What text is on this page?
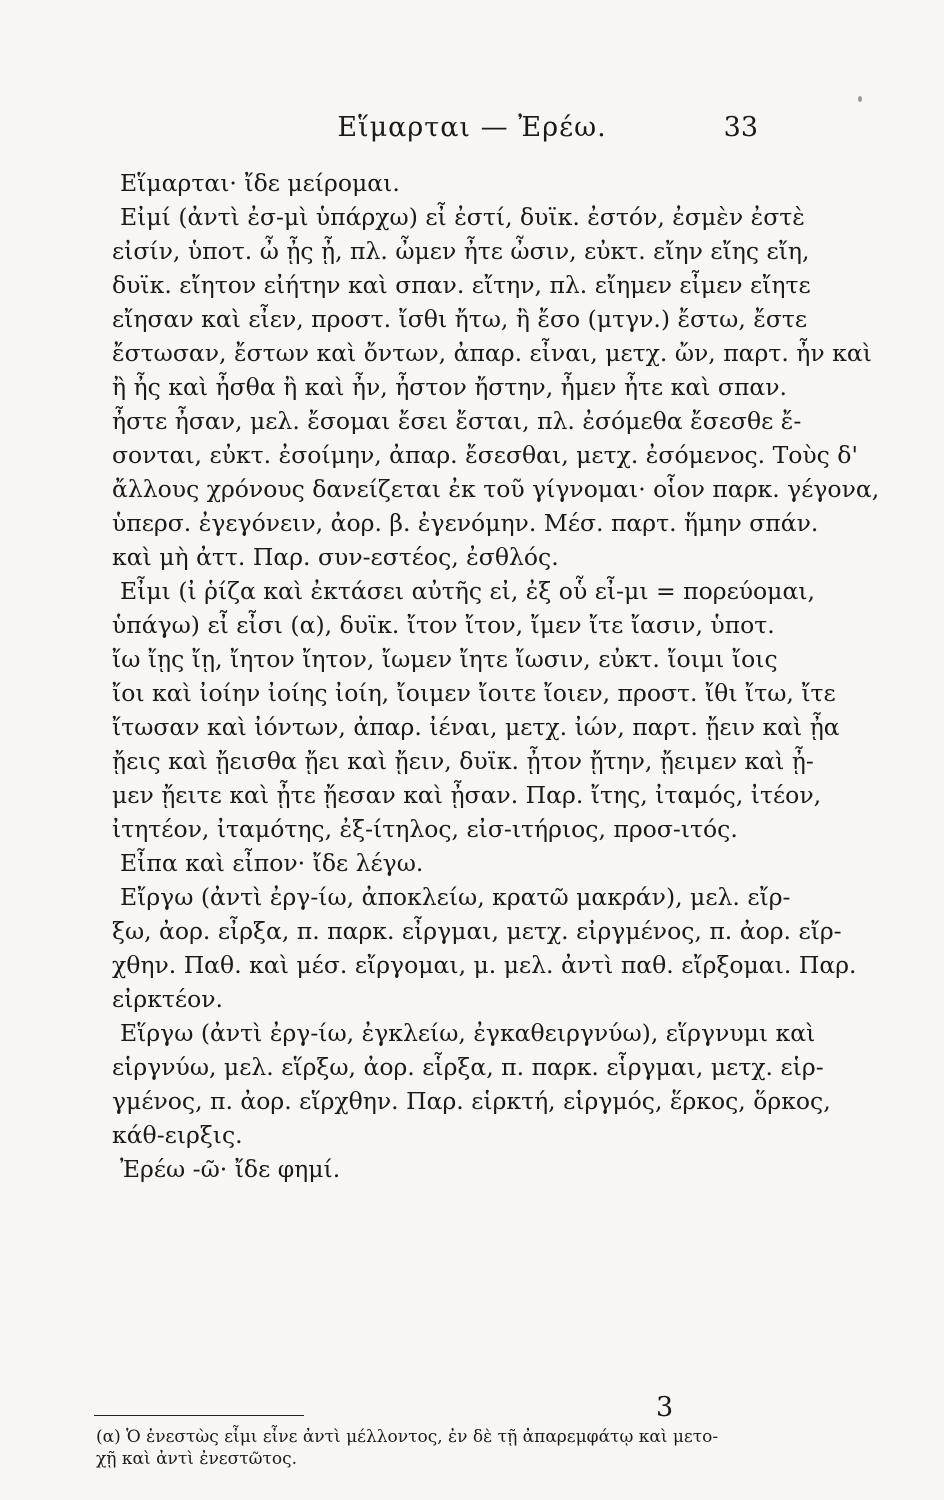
Εἵμαρται — Ἐρέω.	33
Εἵμαρται· ἴδε μείρομαι.
Εἰμί (ἀντὶ ἐσ-μὶ ὑπάρχω) εἶ ἐστί, δυϊκ. ἐστόν, ἐσμὲν ἐστὲ
εἰσίν, ὑποτ. ὦ ᾖς ᾖ, πλ. ὦμεν ἦτε ὦσιν, εὐκτ. εἴην εἴης εἴη,
δυϊκ. εἴητον εἰήτην καὶ σπαν. εἴτην, πλ. εἴημεν εἶμεν εἴητε
εἴησαν καὶ εἶεν, προστ. ἴσθι ἤτω, ἢ ἔσο (μτγν.) ἔστω, ἔστε
ἔστωσαν, ἔστων καὶ ὄντων, ἀπαρ. εἶναι, μετχ. ὤν, παρτ. ἦν καὶ
ἢ ἦς καὶ ἦσθα ἢ καὶ ἦν, ἦστον ἤστην, ἦμεν ἦτε καὶ σπαν.
ἦστε ἦσαν, μελ. ἔσομαι ἔσει ἔσται, πλ. ἐσόμεθα ἔσεσθε ἔ-
σονται, εὐκτ. ἐσοίμην, ἀπαρ. ἔσεσθαι, μετχ. ἐσόμενος. Τοὺς δ'
ἄλλους χρόνους δανείζεται ἐκ τοῦ γίγνομαι· οἷον παρκ. γέγονα,
ὑπερσ. ἐγεγόνειν, ἀορ. β. ἐγενόμην. Μέσ. παρτ. ἥμην σπάν.
καὶ μὴ ἀττ. Παρ. συν-εστέος, ἐσθλός.
Εἶμι (ἰ ῥίζα καὶ ἐκτάσει αὐτῆς εἰ, ἐξ οὗ εἶ-μι = πορεύομαι,
ὑπάγω) εἶ εἶσι (α), δυϊκ. ἴτον ἴτον, ἴμεν ἴτε ἴασιν, ὑποτ.
ἴω ἴῃς ἴῃ, ἴητον ἴητον, ἴωμεν ἴητε ἴωσιν, εὐκτ. ἴοιμι ἴοις
ἴοι καὶ ἰοίην ἰοίης ἰοίη, ἴοιμεν ἴοιτε ἴοιεν, προστ. ἴθι ἴτω, ἴτε
ἴτωσαν καὶ ἰόντων, ἀπαρ. ἰέναι, μετχ. ἰών, παρτ. ᾔειν καὶ ᾖα
ᾔεις καὶ ᾔεισθα ᾔει καὶ ᾔειν, δυϊκ. ᾖτον ᾔτην, ᾔειμεν καὶ ᾖ-
μεν ᾔειτε καὶ ᾖτε ᾔεσαν καὶ ᾖσαν. Παρ. ἴτης, ἰταμός, ἰτέον,
ἰτητέον, ἰταμότης, ἐξ-ίτηλος, εἰσ-ιτήριος, προσ-ιτός.
Εἶπα καὶ εἶπον· ἴδε λέγω.
Εἴργω (ἀντὶ ἐργ-ίω, ἀποκλείω, κρατῶ μακράν), μελ. εἴρ-
ξω, ἀορ. εἶρξα, π. παρκ. εἶργμαι, μετχ. εἰργμένος, π. ἀορ. εἴρ-
χθην. Παθ. καὶ μέσ. εἴργομαι, μ. μελ. ἀντὶ παθ. εἴρξομαι. Παρ.
εἰρκτέον.
Εἵργω (ἀντὶ ἐργ-ίω, ἐγκλείω, ἐγκαθειργνύω), εἵργνυμι καὶ
εἱργνύω, μελ. εἵρξω, ἀορ. εἷρξα, π. παρκ. εἷργμαι, μετχ. εἱρ-
γμένος, π. ἀορ. εἵρχθην. Παρ. εἱρκτή, εἱργμός, ἕρκος, ὅρκος,
κάθ-ειρξις.
Ἐρέω -ῶ· ἴδε φημί.
(α) Ὁ ἐνεστὼς εἶμι εἶνε ἀντὶ μέλλοντος, ἐν δὲ τῇ ἀπαρεμφάτῳ καὶ μετο-
χῇ καὶ ἀντὶ ἐνεστῶτος.
3
